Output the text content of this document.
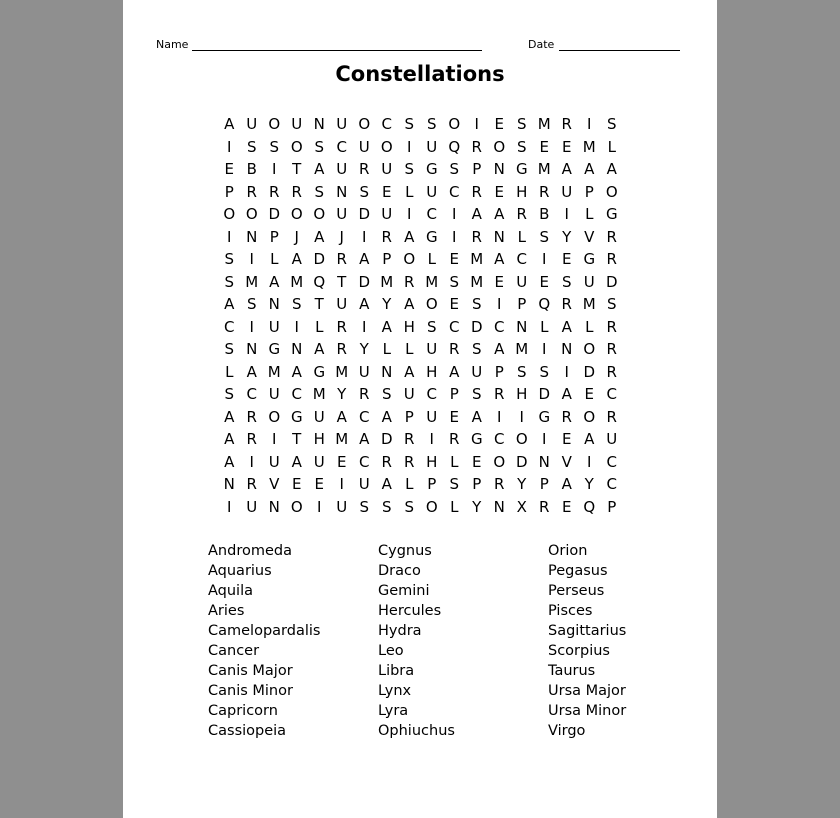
Name	Date
Constellations
A U O U N U O C S S O I	E S M R	I	S
I	S S O S C U O I U Q R O S E E M L
E B	I	T A U R U S G S P N G M A A A
P R R R S N S E L U C R E H R U P O
O O D O O U D U I	C	I	A A R B	I	L G
I N P	J	A	J	I	R A G I	R N L S Y V R
S	I	L A D R A P O L E M A C	I	E G R
S M A M Q T D M R M S M E U E S U D
A S N S T U A Y A O E S	I	P Q R M S
C	I U I	L R	I	A H S C D C N L A L R
S N G N A R Y L L U R S A M I N O R
L A M A G M U N A H A U P S S	I D R
S C U C M Y R S U C P S R H D A E C
A R O G U A C A P U E A	I	I G R O R
A R	I	T H M A D R	I	R G C O I	E A U
A	I U A U E C R R H L E O D N V	I	C
N R V E E	I U A L P S P R Y P A Y C
I U N O I U S S S O L Y N X R E Q P
Andromeda
Aquarius
Aquila
Aries
Camelopardalis
Cancer
Canis Major
Canis Minor
Capricorn
Cassiopeia
Cygnus
Draco
Gemini
Hercules
Hydra
Leo
Libra
Lynx
Lyra
Ophiuchus
Orion
Pegasus
Perseus
Pisces
Sagittarius
Scorpius
Taurus
Ursa Major
Ursa Minor
Virgo
